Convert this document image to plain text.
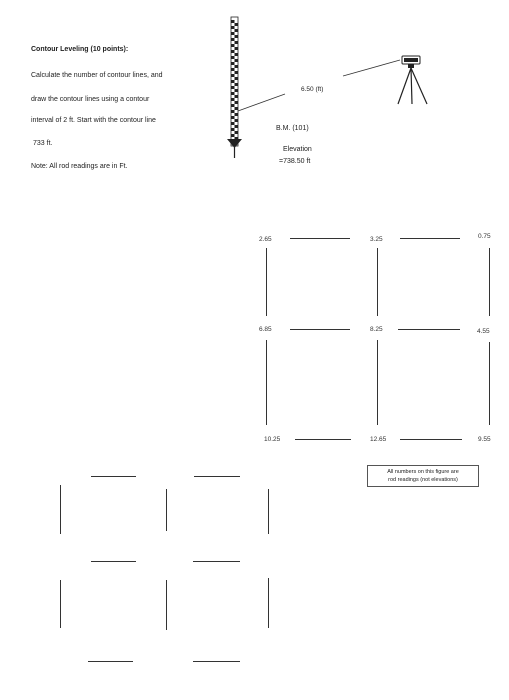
Contour Leveling (10 points):
Calculate the number of contour lines, and
draw the contour lines using a contour
interval of 2 ft. Start with the contour line
733 ft.
Note: All rod readings are in Ft.
6.50 (ft)
B.M. (101)
Elevation
=738.50 ft
2.65	3.25	0.75
6.85	8.25	4.55
10.25	12.65	9.55
All numbers on this figure are
rod readings (not elevations)
